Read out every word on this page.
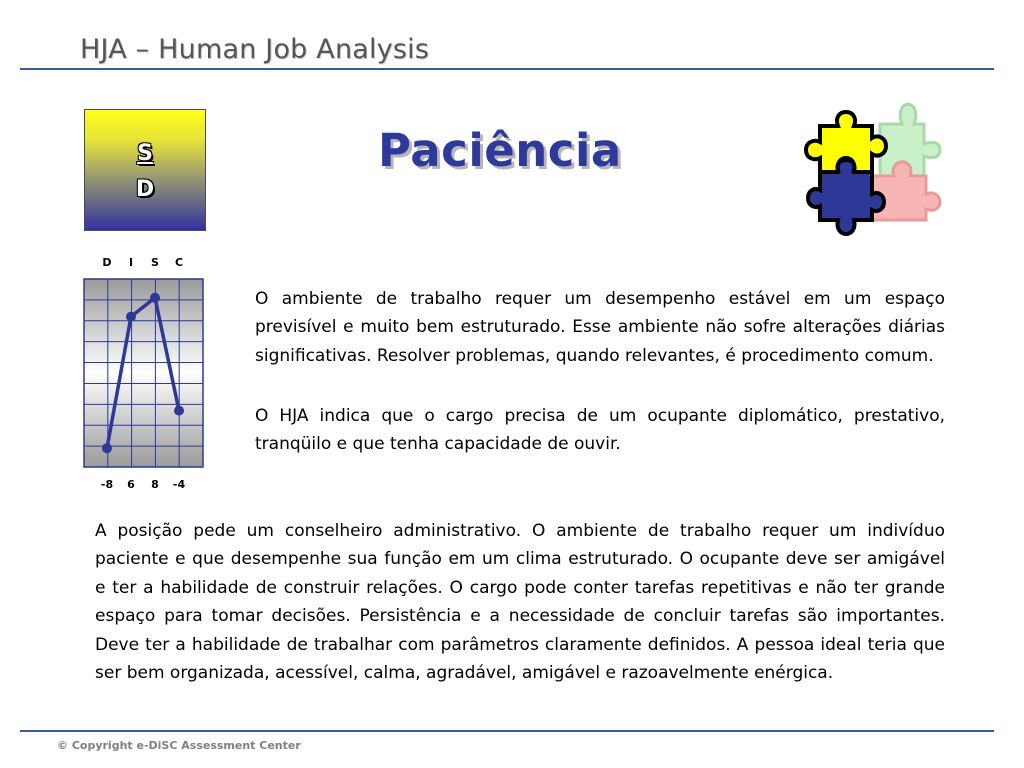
HJA – Human Job Analysis
S
D
Paciência
D I S C
-8 6 8 -4

O ambiente de trabalho requer um desempenho estável em um espaço previsível e muito bem estruturado. Esse ambiente não sofre alterações diárias significativas. Resolver problemas, quando relevantes, é procedimento comum.

O HJA indica que o cargo precisa de um ocupante diplomático, prestativo, tranqüilo e que tenha capacidade de ouvir.

A posição pede um conselheiro administrativo. O ambiente de trabalho requer um indivíduo paciente e que desempenhe sua função em um clima estruturado. O ocupante deve ser amigável e ter a habilidade de construir relações. O cargo pode conter tarefas repetitivas e não ter grande espaço para tomar decisões. Persistência e a necessidade de concluir tarefas são importantes. Deve ter a habilidade de trabalhar com parâmetros claramente definidos. A pessoa ideal teria que ser bem organizada, acessível, calma, agradável, amigável e razoavelmente enérgica.

© Copyright e-DiSC Assessment Center
